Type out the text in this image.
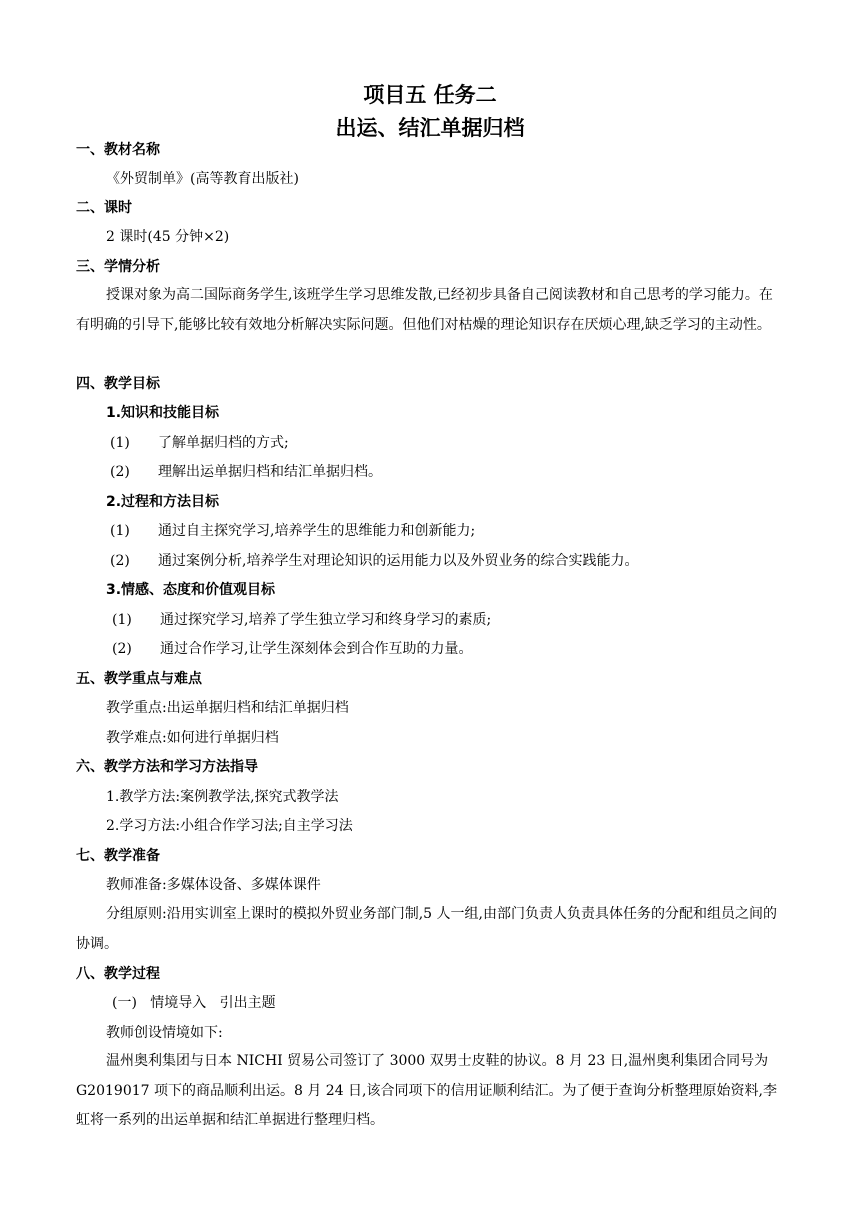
项目五 任务二
出运、结汇单据归档
一、教材名称
《外贸制单》(高等教育出版社)
二、课时
2 课时(45 分钟×2)
三、学情分析
授课对象为高二国际商务学生,该班学生学习思维发散,已经初步具备自己阅读教材和自己思考的学习能力。在有明确的引导下,能够比较有效地分析解决实际问题。但他们对枯燥的理论知识存在厌烦心理,缺乏学习的主动性。
四、教学目标
1.知识和技能目标
(1) 了解单据归档的方式;
(2) 理解出运单据归档和结汇单据归档。
2.过程和方法目标
(1) 通过自主探究学习,培养学生的思维能力和创新能力;
(2) 通过案例分析,培养学生对理论知识的运用能力以及外贸业务的综合实践能力。
3.情感、态度和价值观目标
(1) 通过探究学习,培养了学生独立学习和终身学习的素质;
(2) 通过合作学习,让学生深刻体会到合作互助的力量。
五、教学重点与难点
教学重点:出运单据归档和结汇单据归档
教学难点:如何进行单据归档
六、教学方法和学习方法指导
1.教学方法:案例教学法,探究式教学法
2.学习方法:小组合作学习法;自主学习法
七、教学准备
教师准备:多媒体设备、多媒体课件
分组原则:沿用实训室上课时的模拟外贸业务部门制,5 人一组,由部门负责人负责具体任务的分配和组员之间的协调。
八、教学过程
(一)   情境导入   引出主题
教师创设情境如下:
温州奥利集团与日本 NICHI 贸易公司签订了 3000 双男士皮鞋的协议。8 月 23 日,温州奥利集团合同号为 G2019017 项下的商品顺利出运。8 月 24 日,该合同项下的信用证顺利结汇。为了便于查询分析整理原始资料,李虹将一系列的出运单据和结汇单据进行整理归档。
